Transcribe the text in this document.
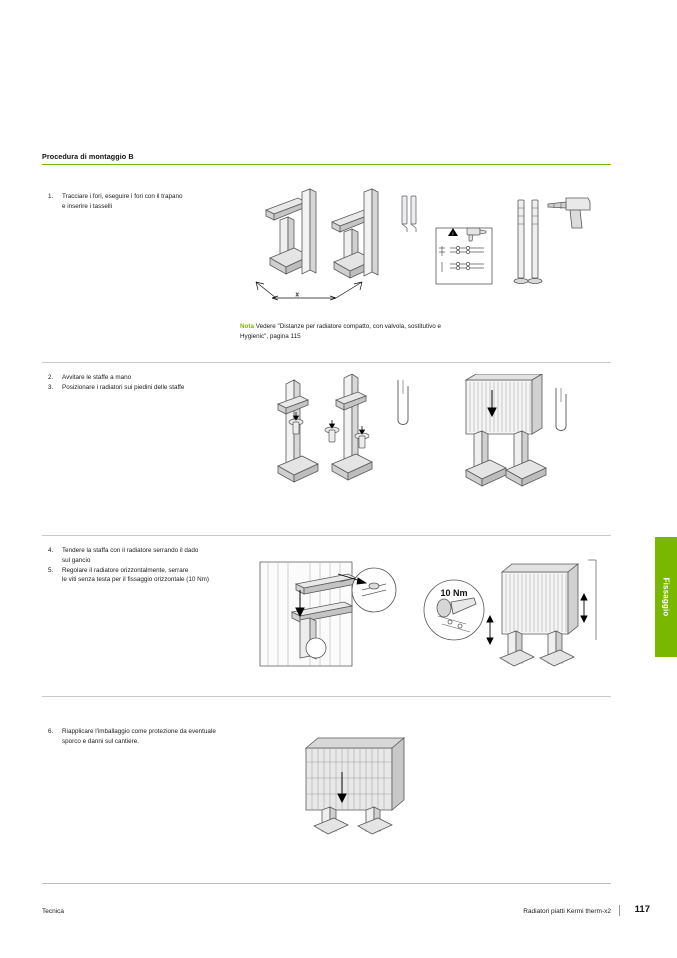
Procedura di montaggio B
1.	Tracciare i fori, eseguire i fori con il trapano
e inserire i tasselli
x
!
Nota Vedere "Distanze per radiatore compatto, con valvola, sostitutivo e Hygienic", pagina 115
2.	Avvitare le staffe a mano
3.	Posizionare i radiatori sui piedini delle staffe
4.	Tendere la staffa con il radiatore serrando il dado
sul gancio
5.	Regolare il radiatore orizzontalmente, serrare
le viti senza testa per il fissaggio orizzontale (10 Nm)
10 Nm
6.	Riapplicare l'imballaggio come protezione da eventuale
sporco e danni sul cantiere.
Fissaggio
Tecnica	Radiatori piatti Kermi therm-x2 117
